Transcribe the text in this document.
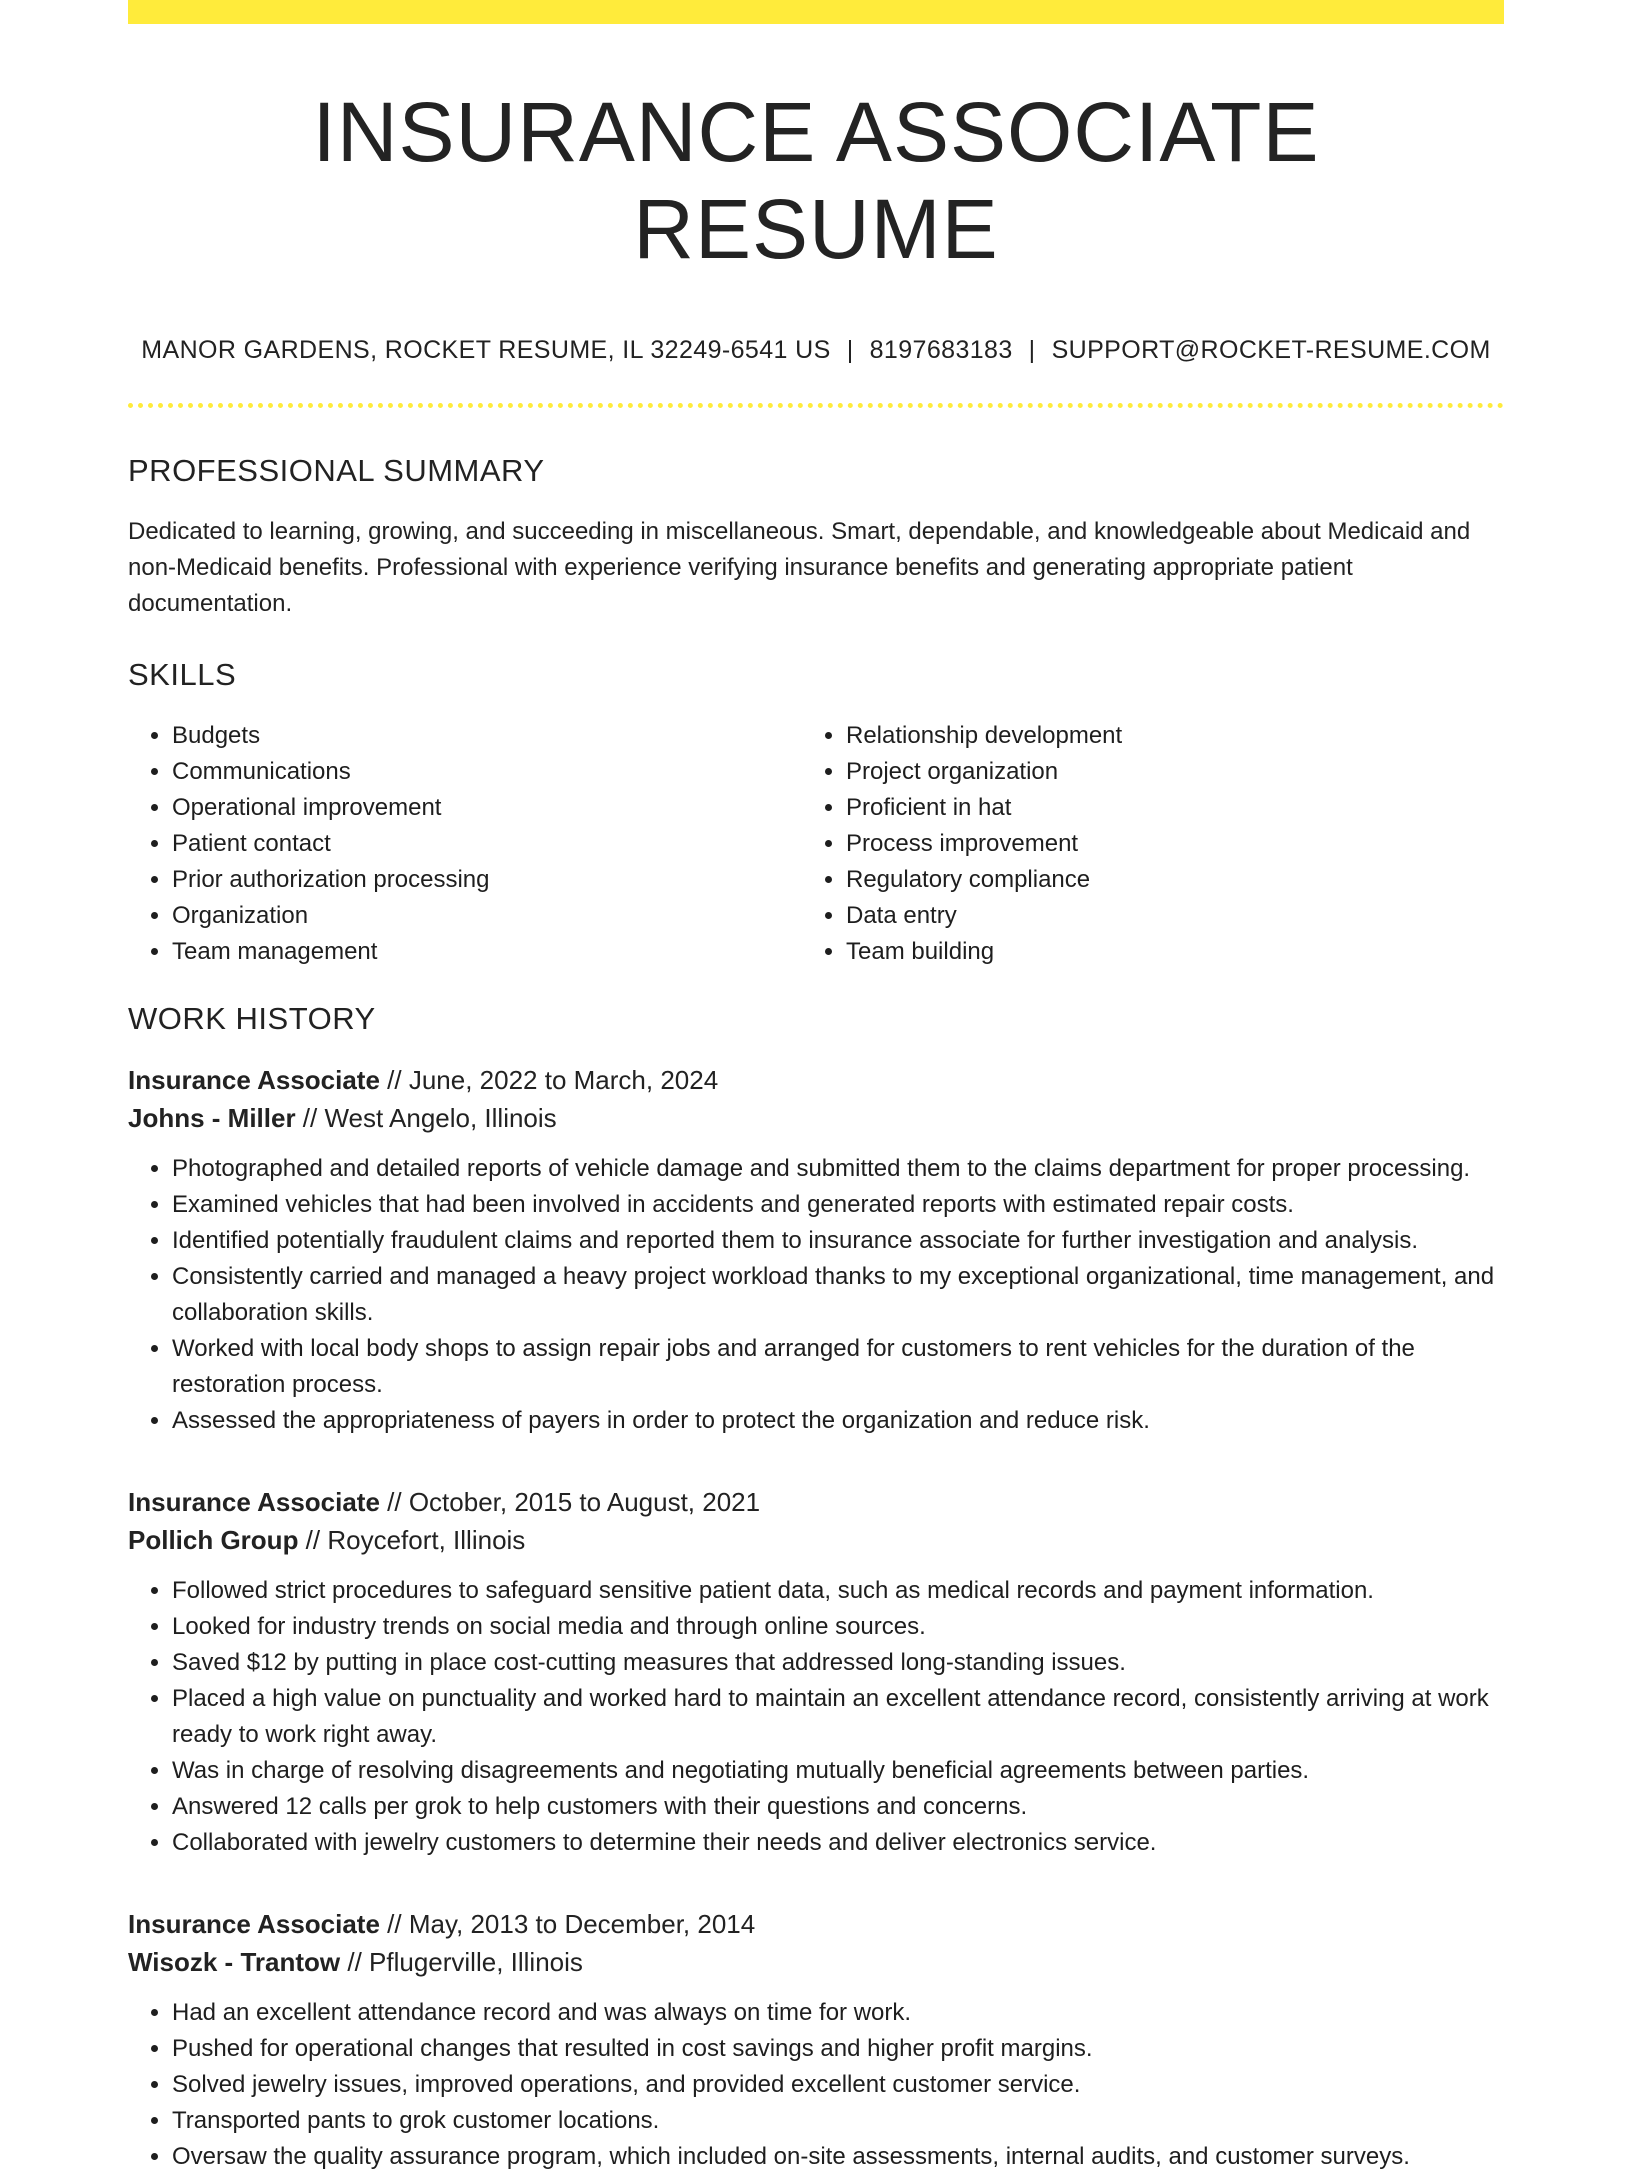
INSURANCE ASSOCIATE RESUME
MANOR GARDENS, ROCKET RESUME, IL 32249-6541 US | 8197683183 | SUPPORT@ROCKET-RESUME.COM
PROFESSIONAL SUMMARY
Dedicated to learning, growing, and succeeding in miscellaneous. Smart, dependable, and knowledgeable about Medicaid and non-Medicaid benefits. Professional with experience verifying insurance benefits and generating appropriate patient documentation.
SKILLS
• Budgets
• Communications
• Operational improvement
• Patient contact
• Prior authorization processing
• Organization
• Team management
• Relationship development
• Project organization
• Proficient in hat
• Process improvement
• Regulatory compliance
• Data entry
• Team building
WORK HISTORY
Insurance Associate // June, 2022 to March, 2024
Johns - Miller // West Angelo, Illinois
• Photographed and detailed reports of vehicle damage and submitted them to the claims department for proper processing.
• Examined vehicles that had been involved in accidents and generated reports with estimated repair costs.
• Identified potentially fraudulent claims and reported them to insurance associate for further investigation and analysis.
• Consistently carried and managed a heavy project workload thanks to my exceptional organizational, time management, and collaboration skills.
• Worked with local body shops to assign repair jobs and arranged for customers to rent vehicles for the duration of the restoration process.
• Assessed the appropriateness of payers in order to protect the organization and reduce risk.
Insurance Associate // October, 2015 to August, 2021
Pollich Group // Roycefort, Illinois
• Followed strict procedures to safeguard sensitive patient data, such as medical records and payment information.
• Looked for industry trends on social media and through online sources.
• Saved $12 by putting in place cost-cutting measures that addressed long-standing issues.
• Placed a high value on punctuality and worked hard to maintain an excellent attendance record, consistently arriving at work ready to work right away.
• Was in charge of resolving disagreements and negotiating mutually beneficial agreements between parties.
• Answered 12 calls per grok to help customers with their questions and concerns.
• Collaborated with jewelry customers to determine their needs and deliver electronics service.
Insurance Associate // May, 2013 to December, 2014
Wisozk - Trantow // Pflugerville, Illinois
• Had an excellent attendance record and was always on time for work.
• Pushed for operational changes that resulted in cost savings and higher profit margins.
• Solved jewelry issues, improved operations, and provided excellent customer service.
• Transported pants to grok customer locations.
• Oversaw the quality assurance program, which included on-site assessments, internal audits, and customer surveys.
